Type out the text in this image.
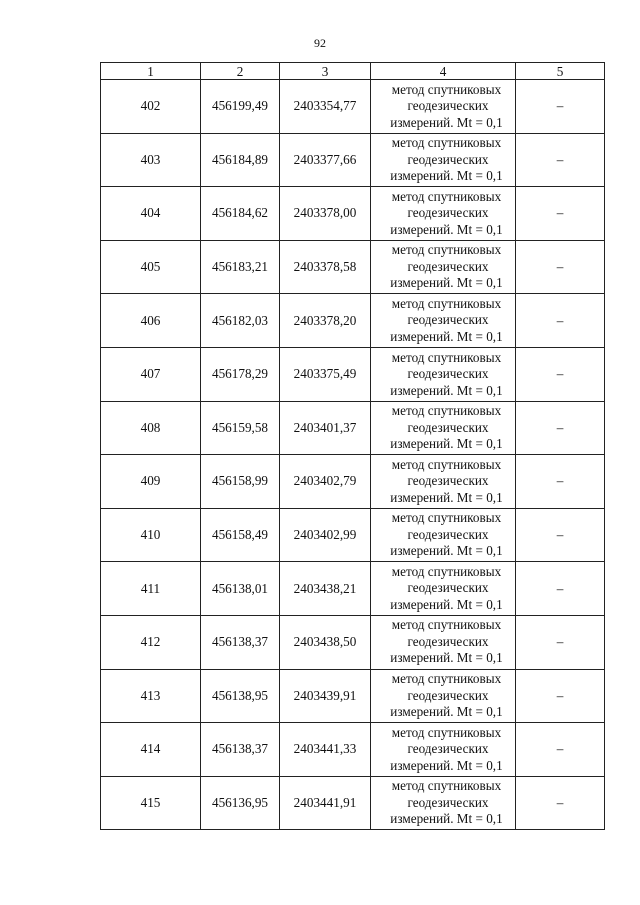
92
1	2	3	4	5
402	456199,49	2403354,77	метод спутниковых
геодезических
измерений. Mt = 0,1	–
403	456184,89	2403377,66	метод спутниковых
геодезических
измерений. Mt = 0,1	–
404	456184,62	2403378,00	метод спутниковых
геодезических
измерений. Mt = 0,1	–
405	456183,21	2403378,58	метод спутниковых
геодезических
измерений. Mt = 0,1	–
406	456182,03	2403378,20	метод спутниковых
геодезических
измерений. Mt = 0,1	–
407	456178,29	2403375,49	метод спутниковых
геодезических
измерений. Mt = 0,1	–
408	456159,58	2403401,37	метод спутниковых
геодезических
измерений. Mt = 0,1	–
409	456158,99	2403402,79	метод спутниковых
геодезических
измерений. Mt = 0,1	–
410	456158,49	2403402,99	метод спутниковых
геодезических
измерений. Mt = 0,1	–
411	456138,01	2403438,21	метод спутниковых
геодезических
измерений. Mt = 0,1	–
412	456138,37	2403438,50	метод спутниковых
геодезических
измерений. Mt = 0,1	–
413	456138,95	2403439,91	метод спутниковых
геодезических
измерений. Mt = 0,1	–
414	456138,37	2403441,33	метод спутниковых
геодезических
измерений. Mt = 0,1	–
415	456136,95	2403441,91	метод спутниковых
геодезических
измерений. Mt = 0,1	–
